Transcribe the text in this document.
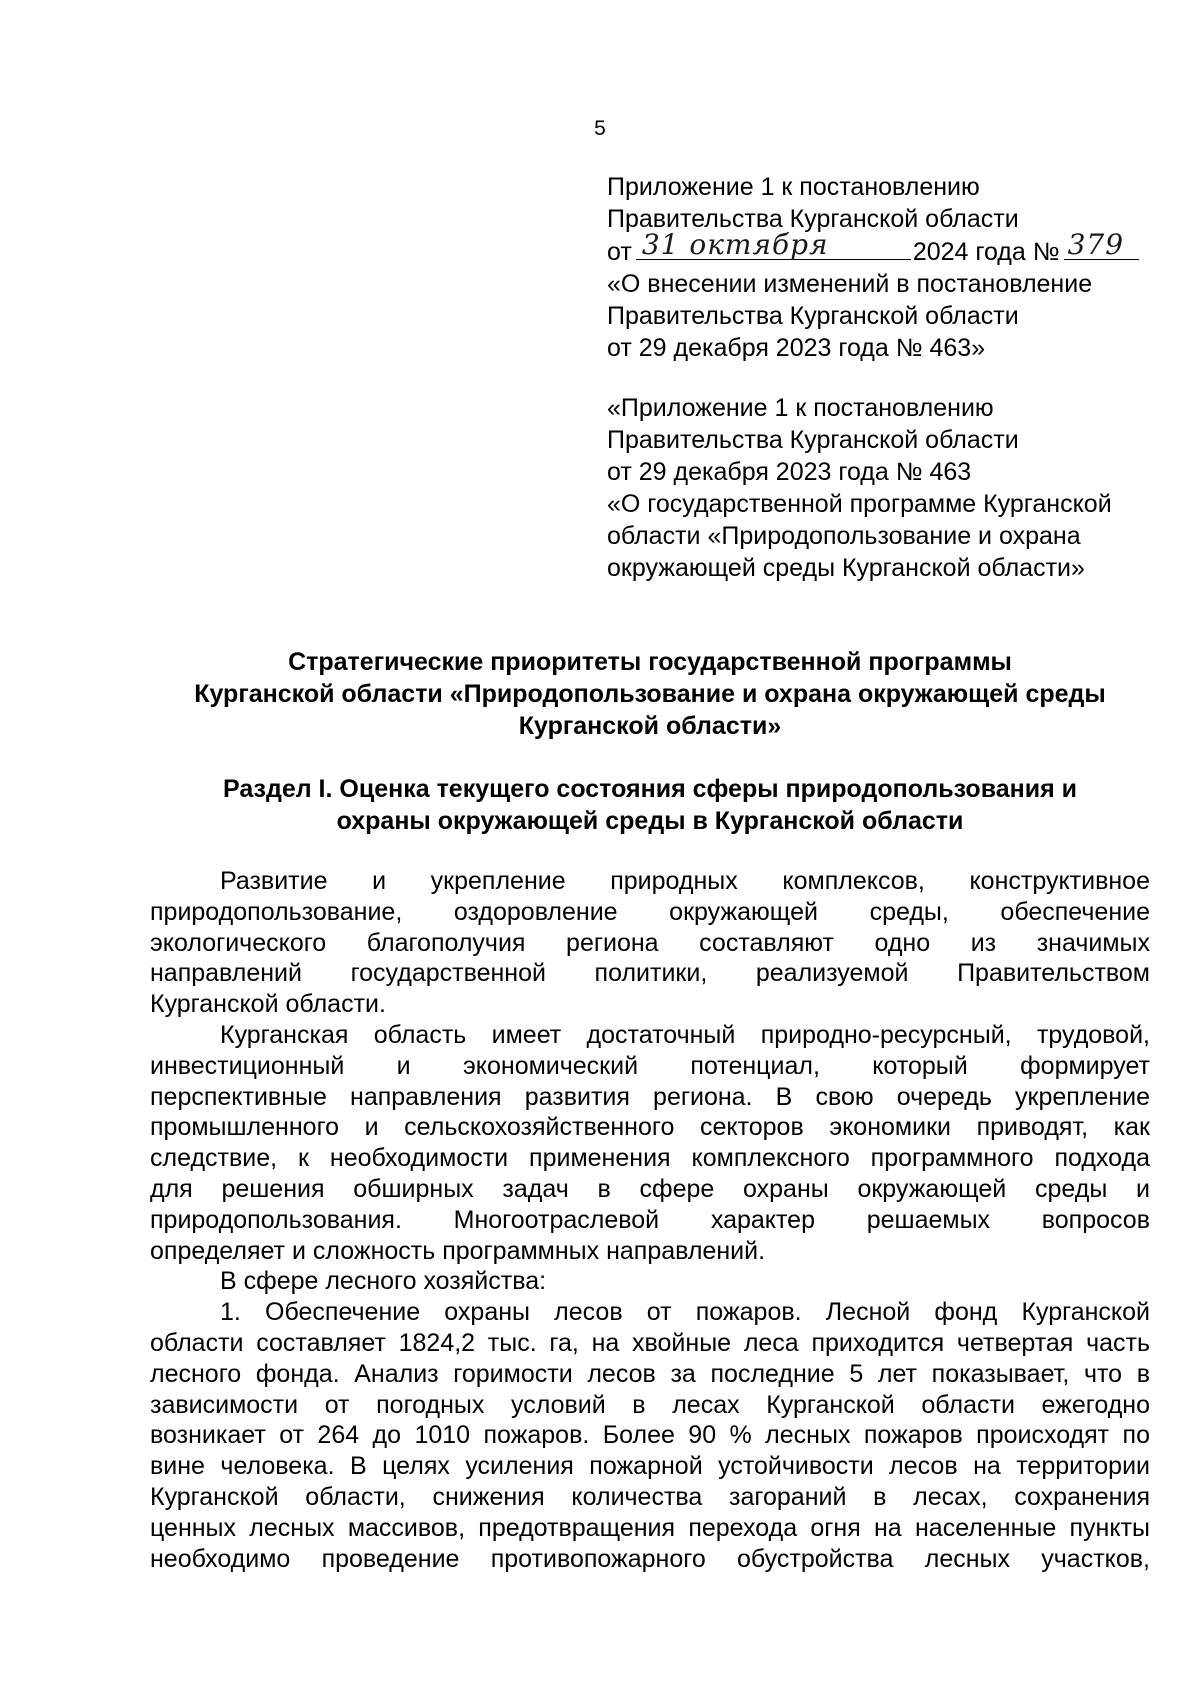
5
Приложение 1 к постановлению
Правительства Курганской области
от 31 октября	2024 года № 379
«О внесении изменений в постановление
Правительства Курганской области
от 29 декабря 2023 года № 463»
«Приложение 1 к постановлению
Правительства Курганской области
от 29 декабря 2023 года № 463
«О государственной программе Курганской
области «Природопользование и охрана
окружающей среды Курганской области»
Стратегические приоритеты государственной программы
Курганской области «Природопользование и охрана окружающей среды
Курганской области»
Раздел I. Оценка текущего состояния сферы природопользования и
охраны окружающей среды в Курганской области
Развитие и укрепление природных комплексов, конструктивное
природопользование, оздоровление окружающей среды, обеспечение
экологического благополучия региона составляют одно из значимых
направлений государственной политики, реализуемой Правительством
Курганской области.
Курганская область имеет достаточный природно-ресурсный, трудовой,
инвестиционный и экономический потенциал, который формирует
перспективные направления развития региона. В свою очередь укрепление
промышленного и сельскохозяйственного секторов экономики приводят, как
следствие, к необходимости применения комплексного программного подхода
для решения обширных задач в сфере охраны окружающей среды и
природопользования. Многоотраслевой характер решаемых вопросов
определяет и сложность программных направлений.
В сфере лесного хозяйства:
1. Обеспечение охраны лесов от пожаров. Лесной фонд Курганской
области составляет 1824,2 тыс. га, на хвойные леса приходится четвертая часть
лесного фонда. Анализ горимости лесов за последние 5 лет показывает, что в
зависимости от погодных условий в лесах Курганской области ежегодно
возникает от 264 до 1010 пожаров. Более 90 % лесных пожаров происходят по
вине человека. В целях усиления пожарной устойчивости лесов на территории
Курганской области, снижения количества загораний в лесах, сохранения
ценных лесных массивов, предотвращения перехода огня на населенные пункты
необходимо проведение противопожарного обустройства лесных участков,
